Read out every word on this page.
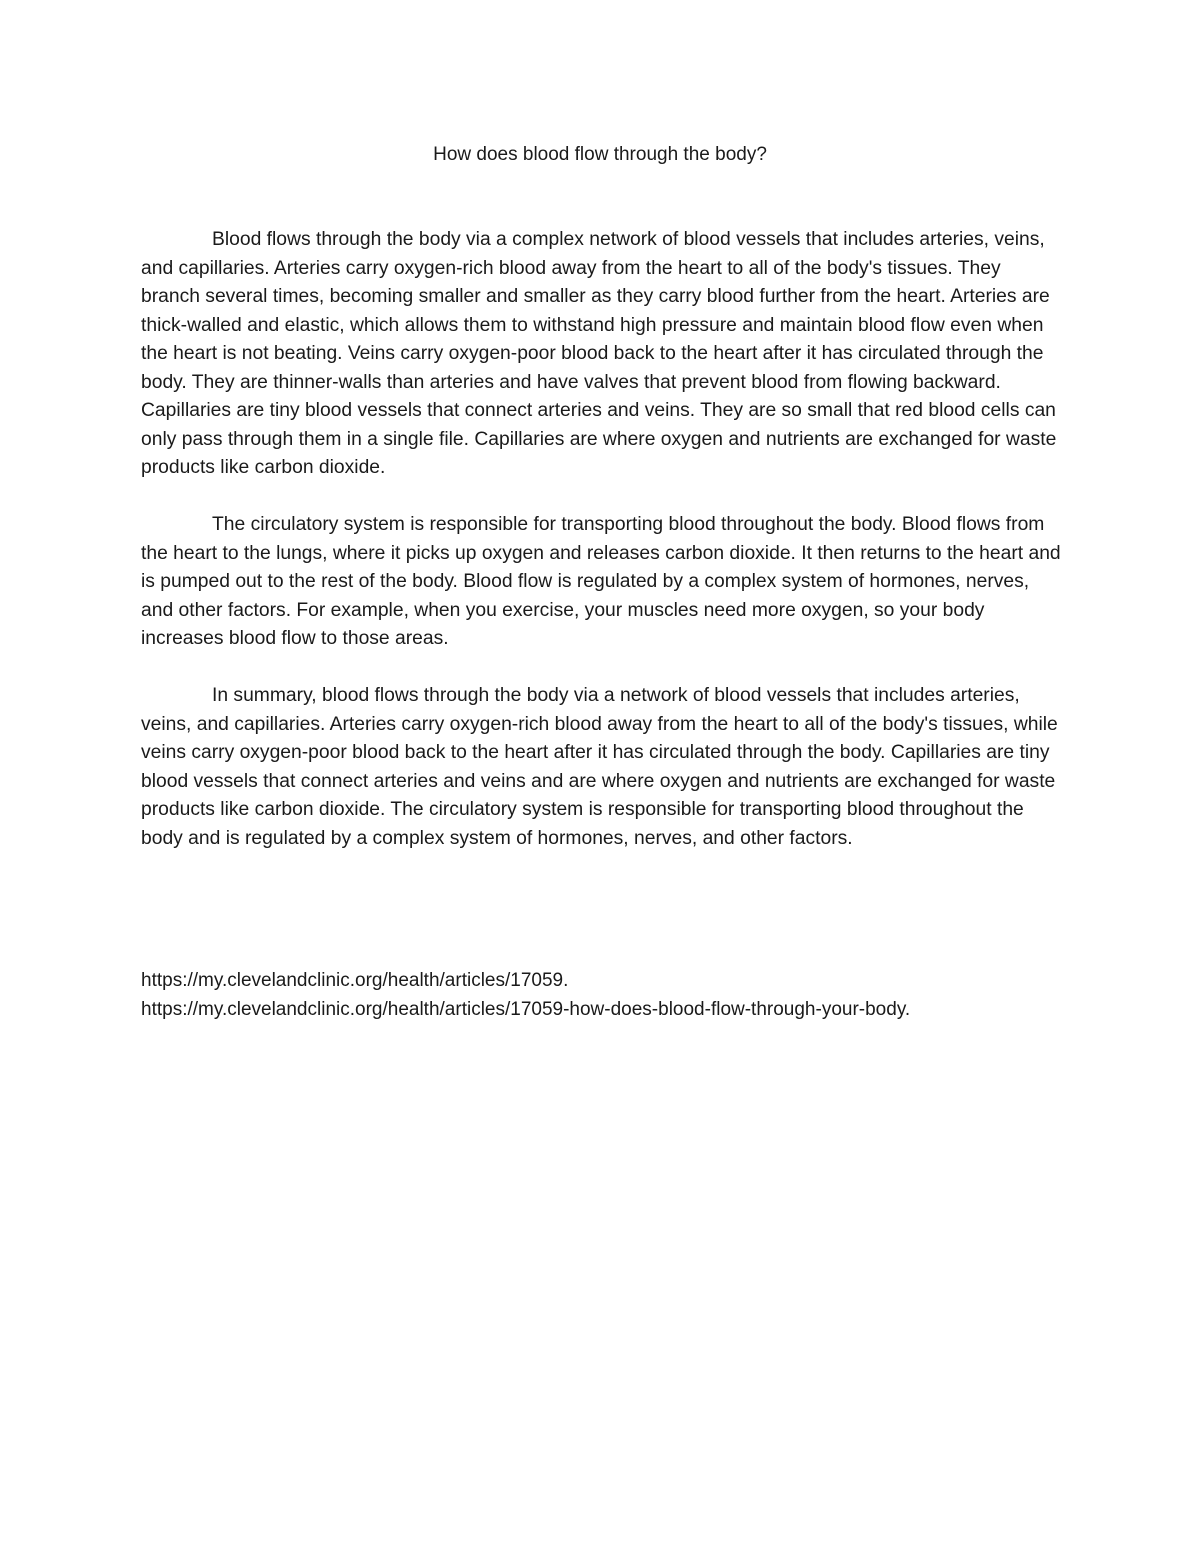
How does blood flow through the body?

Blood flows through the body via a complex network of blood vessels that includes arteries, veins, and capillaries. Arteries carry oxygen-rich blood away from the heart to all of the body's tissues. They branch several times, becoming smaller and smaller as they carry blood further from the heart. Arteries are thick-walled and elastic, which allows them to withstand high pressure and maintain blood flow even when the heart is not beating. Veins carry oxygen-poor blood back to the heart after it has circulated through the body. They are thinner-walls than arteries and have valves that prevent blood from flowing backward. Capillaries are tiny blood vessels that connect arteries and veins. They are so small that red blood cells can only pass through them in a single file. Capillaries are where oxygen and nutrients are exchanged for waste products like carbon dioxide.

The circulatory system is responsible for transporting blood throughout the body. Blood flows from the heart to the lungs, where it picks up oxygen and releases carbon dioxide. It then returns to the heart and is pumped out to the rest of the body. Blood flow is regulated by a complex system of hormones, nerves, and other factors. For example, when you exercise, your muscles need more oxygen, so your body increases blood flow to those areas.

In summary, blood flows through the body via a network of blood vessels that includes arteries, veins, and capillaries. Arteries carry oxygen-rich blood away from the heart to all of the body's tissues, while veins carry oxygen-poor blood back to the heart after it has circulated through the body. Capillaries are tiny blood vessels that connect arteries and veins and are where oxygen and nutrients are exchanged for waste products like carbon dioxide. The circulatory system is responsible for transporting blood throughout the body and is regulated by a complex system of hormones, nerves, and other factors.

https://my.clevelandclinic.org/health/articles/17059.

https://my.clevelandclinic.org/health/articles/17059-how-does-blood-flow-through-your-body.
